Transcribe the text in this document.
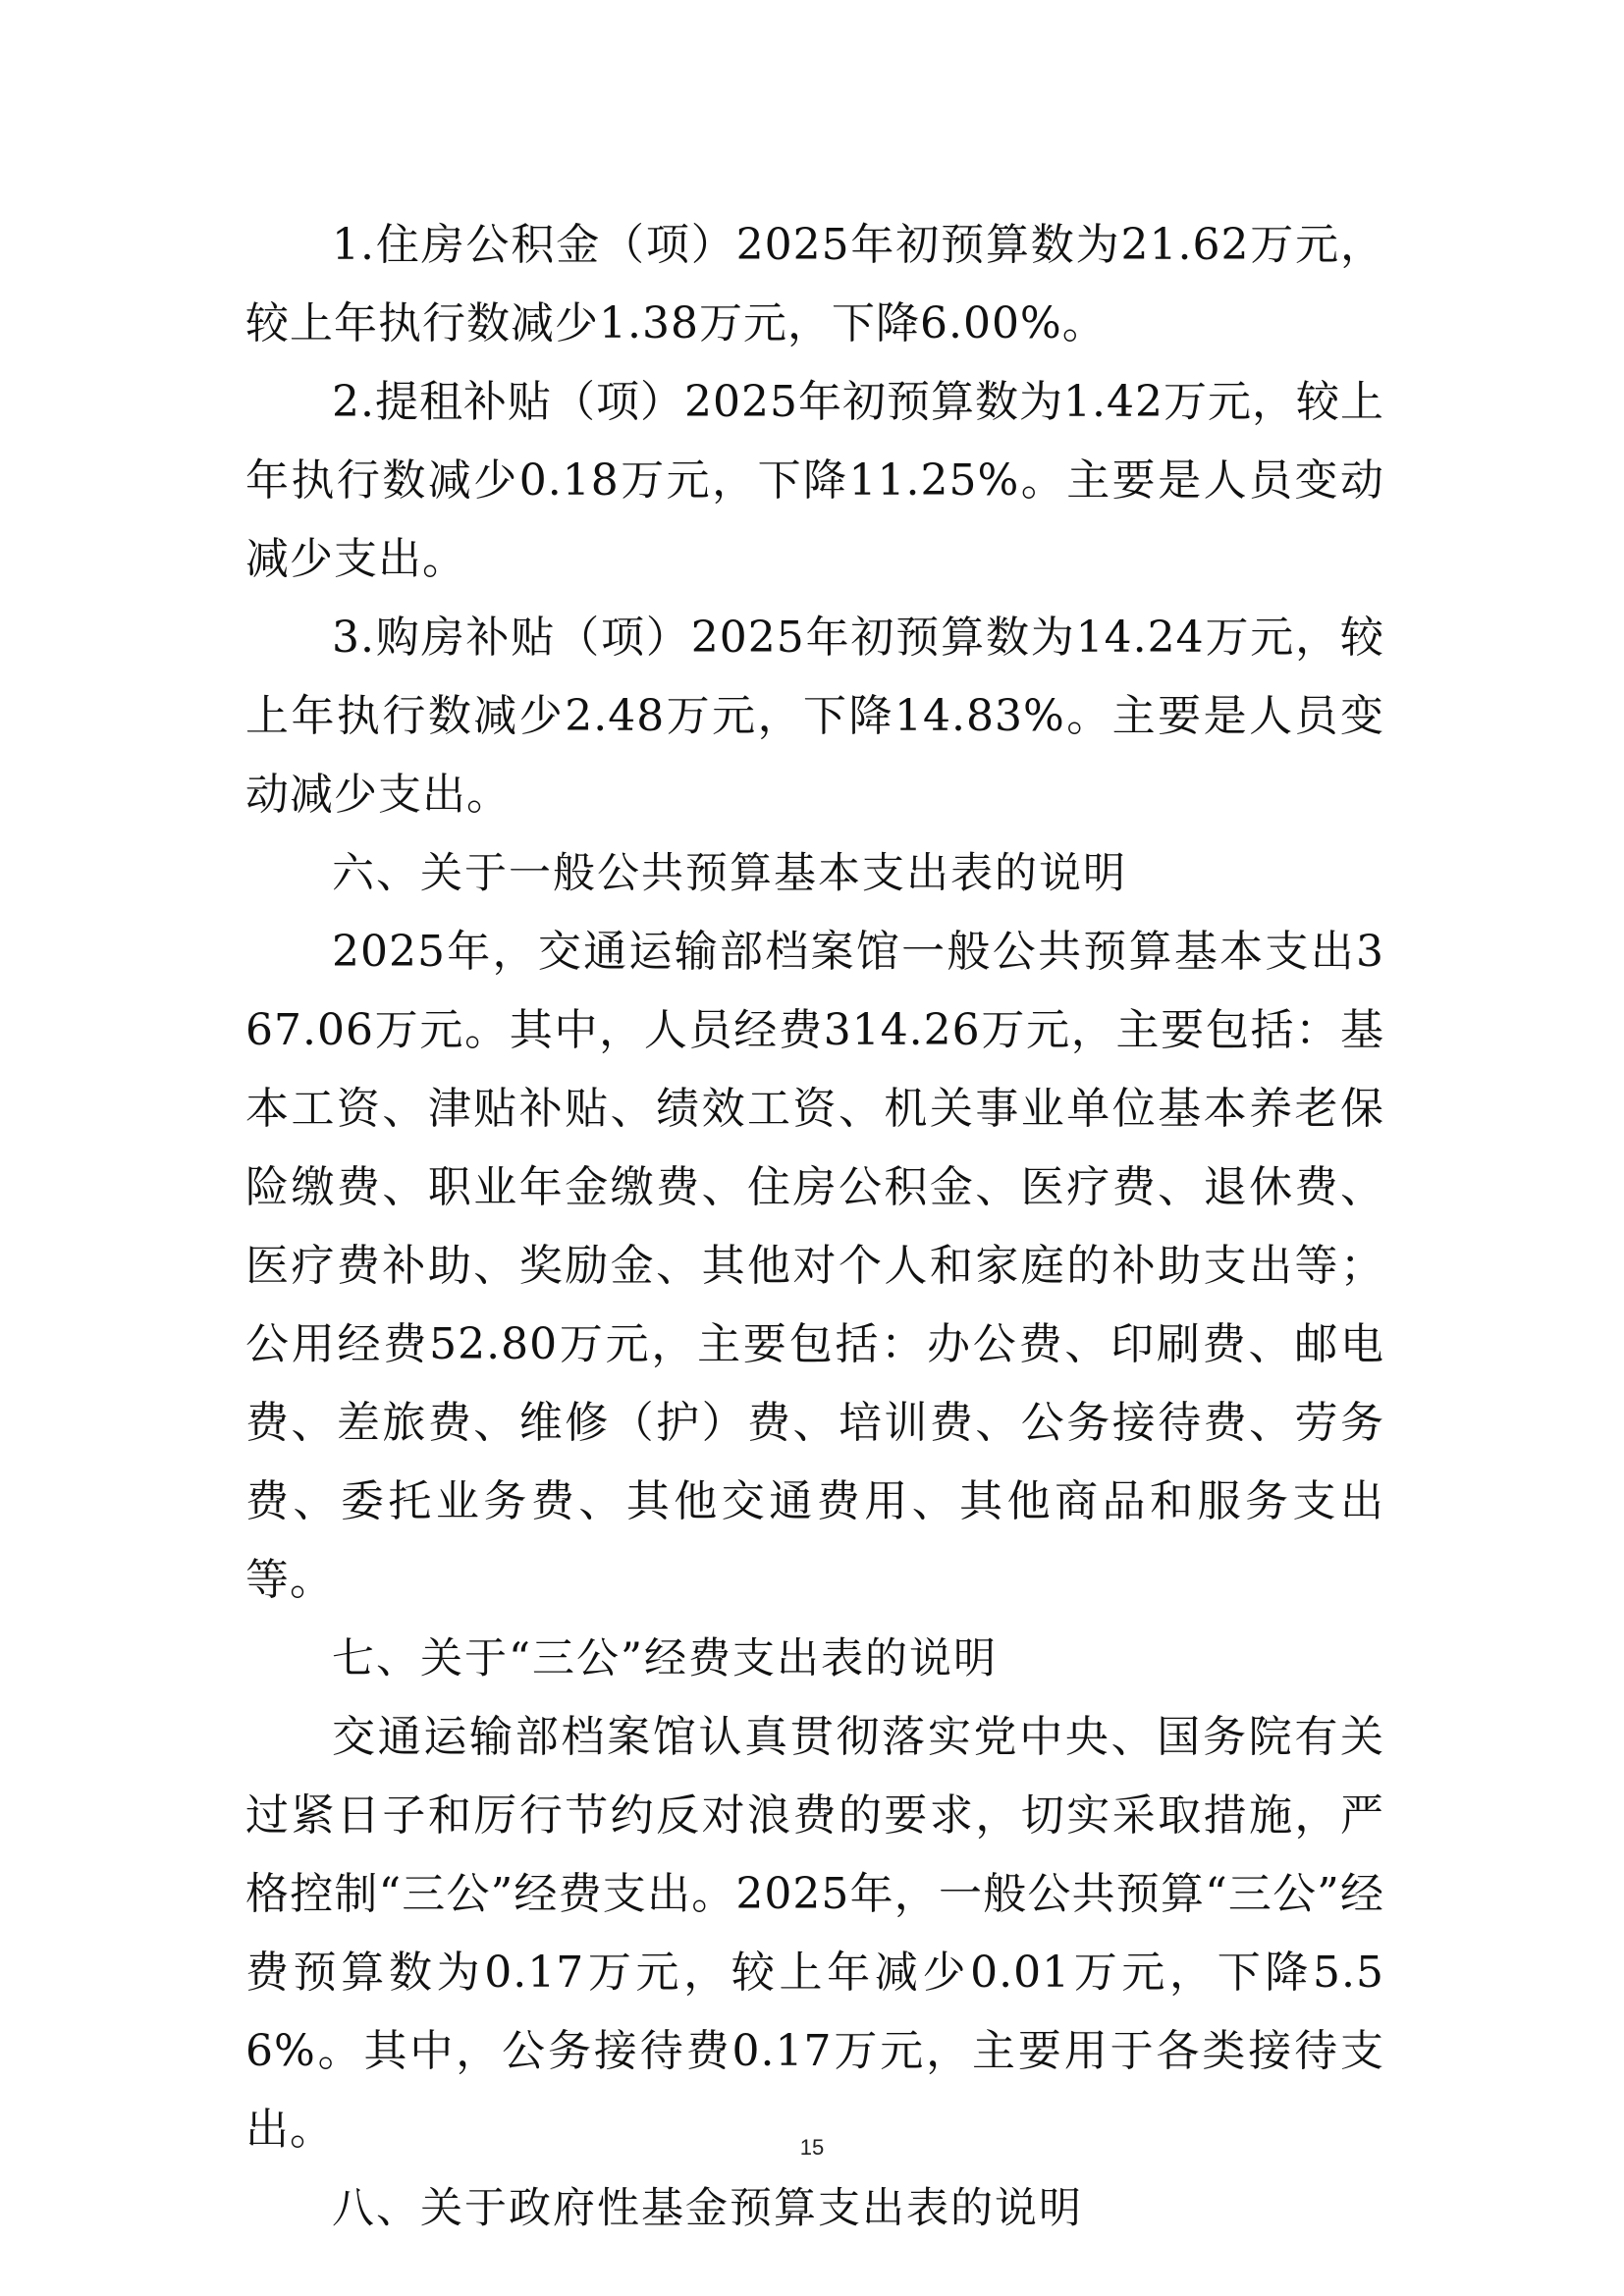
1.住房公积金（项）2025年初预算数为21.62万元，较上年执行数减少1.38万元，下降6.00%。

2.提租补贴（项）2025年初预算数为1.42万元，较上年执行数减少0.18万元，下降11.25%。主要是人员变动减少支出。

3.购房补贴（项）2025年初预算数为14.24万元，较上年执行数减少2.48万元，下降14.83%。主要是人员变动减少支出。

六、关于一般公共预算基本支出表的说明

2025年，交通运输部档案馆一般公共预算基本支出367.06万元。其中，人员经费314.26万元，主要包括：基本工资、津贴补贴、绩效工资、机关事业单位基本养老保险缴费、职业年金缴费、住房公积金、医疗费、退休费、医疗费补助、奖励金、其他对个人和家庭的补助支出等；公用经费52.80万元，主要包括：办公费、印刷费、邮电费、差旅费、维修（护）费、培训费、公务接待费、劳务费、委托业务费、其他交通费用、其他商品和服务支出等。

七、关于“三公”经费支出表的说明

交通运输部档案馆认真贯彻落实党中央、国务院有关过紧日子和厉行节约反对浪费的要求，切实采取措施，严格控制“三公”经费支出。2025年，一般公共预算“三公”经费预算数为0.17万元，较上年减少0.01万元，下降5.56%。其中，公务接待费0.17万元，主要用于各类接待支出。

八、关于政府性基金预算支出表的说明

15
